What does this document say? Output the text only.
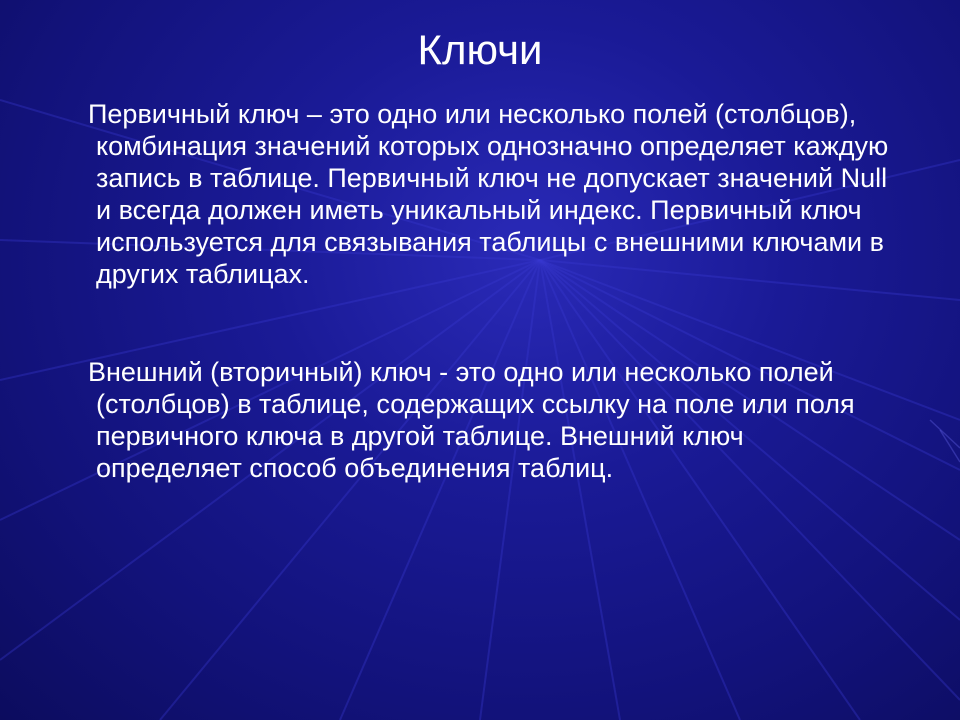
Ключи

Первичный ключ – это одно или несколько полей (столбцов), комбинация значений которых однозначно определяет каждую запись в таблице. Первичный ключ не допускает значений Null и всегда должен иметь уникальный индекс. Первичный ключ используется для связывания таблицы с внешними ключами в других таблицах.

Внешний (вторичный) ключ - это одно или несколько полей (столбцов) в таблице, содержащих ссылку на поле или поля первичного ключа в другой таблице. Внешний ключ определяет способ объединения таблиц.
